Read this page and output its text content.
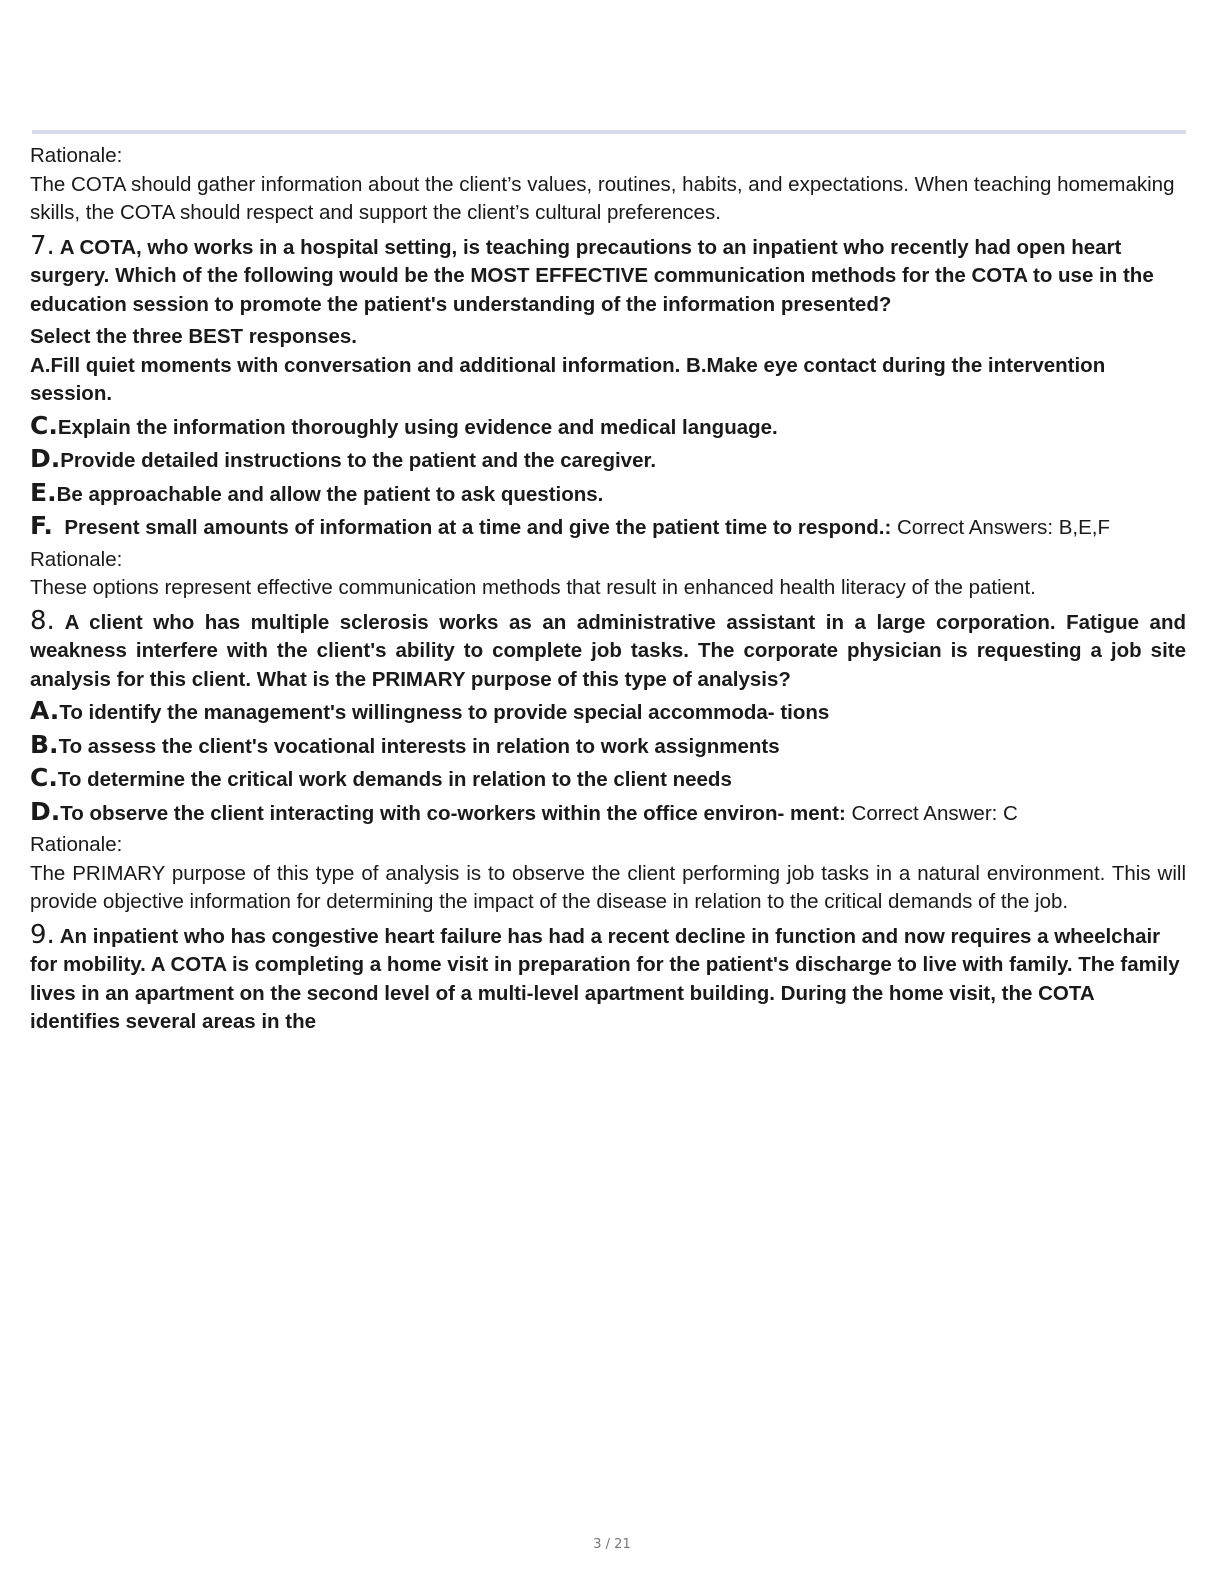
Rationale:

The COTA should gather information about the client’s values, routines, habits, and expectations. When teaching homemaking skills, the COTA should respect and support the client’s cultural preferences.

7. A COTA, who works in a hospital setting, is teaching precautions to an inpatient who recently had open heart surgery. Which of the following would be the MOST EFFECTIVE communication methods for the COTA to use in the education session to promote the patient's understanding of the information presented?

Select the three BEST responses.

A.Fill quiet moments with conversation and additional information. B.Make eye contact during the intervention session.

C.Explain the information thoroughly using evidence and medical language.

D.Provide detailed instructions to the patient and the caregiver.

E.Be approachable and allow the patient to ask questions.

F. Present small amounts of information at a time and give the patient time to respond.: Correct Answers: B,E,F

Rationale:

These options represent effective communication methods that result in enhanced health literacy of the patient.

8. A client who has multiple sclerosis works as an administrative assistant in a large corporation. Fatigue and weakness interfere with the client's ability to complete job tasks. The corporate physician is requesting a job site analysis for this client. What is the PRIMARY purpose of this type of analysis?

A.To identify the management's willingness to provide special accommoda- tions

B.To assess the client's vocational interests in relation to work assignments

C.To determine the critical work demands in relation to the client needs

D.To observe the client interacting with co-workers within the office environ- ment: Correct Answer: C

Rationale:

The PRIMARY purpose of this type of analysis is to observe the client performing job tasks in a natural environment. This will provide objective information for determining the impact of the disease in relation to the critical demands of the job.

9. An inpatient who has congestive heart failure has had a recent decline in function and now requires a wheelchair for mobility. A COTA is completing a home visit in preparation for the patient's discharge to live with family. The family lives in an apartment on the second level of a multi-level apartment building. During the home visit, the COTA identifies several areas in the

3 / 21
